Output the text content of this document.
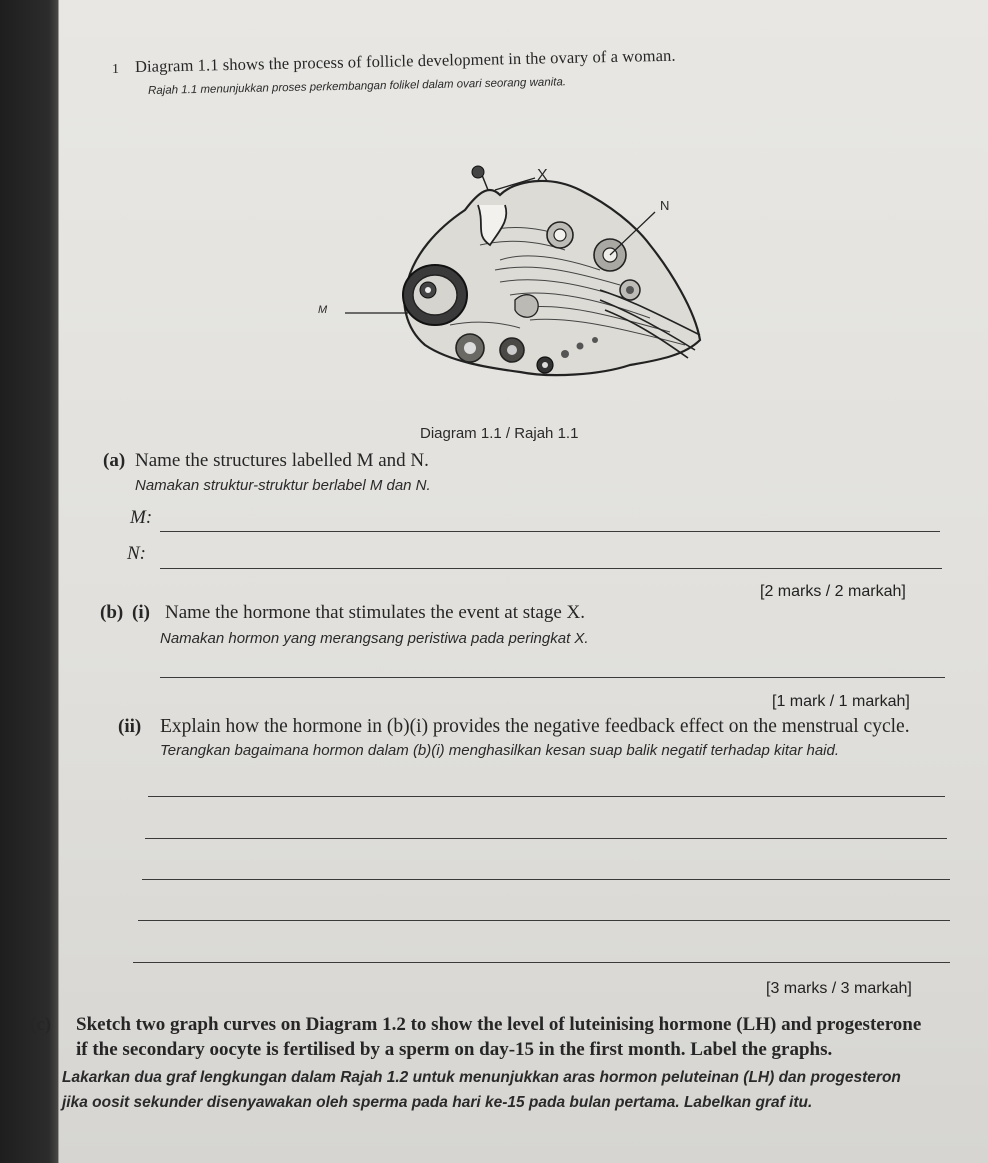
1 Diagram 1.1 shows the process of follicle development in the ovary of a woman.
Rajah 1.1 menunjukkan proses perkembangan folikel dalam ovari seorang wanita.
X
N
M
Diagram 1.1 / Rajah 1.1
(a) Name the structures labelled M and N.
Namakan struktur-struktur berlabel M dan N.
M:
N:
[2 marks / 2 markah]
(b) (i) Name the hormone that stimulates the event at stage X.
Namakan hormon yang merangsang peristiwa pada peringkat X.
[1 mark / 1 markah]
(ii) Explain how the hormone in (b)(i) provides the negative feedback effect on the menstrual cycle.
Terangkan bagaimana hormon dalam (b)(i) menghasilkan kesan suap balik negatif terhadap kitar haid.
[3 marks / 3 markah]
(c) Sketch two graph curves on Diagram 1.2 to show the level of luteinising hormone (LH) and progesterone
if the secondary oocyte is fertilised by a sperm on day-15 in the first month. Label the graphs.
Lakarkan dua graf lengkungan dalam Rajah 1.2 untuk menunjukkan aras hormon peluteinan (LH) dan progesteron
jika oosit sekunder disenyawakan oleh sperma pada hari ke-15 pada bulan pertama. Labelkan graf itu.
